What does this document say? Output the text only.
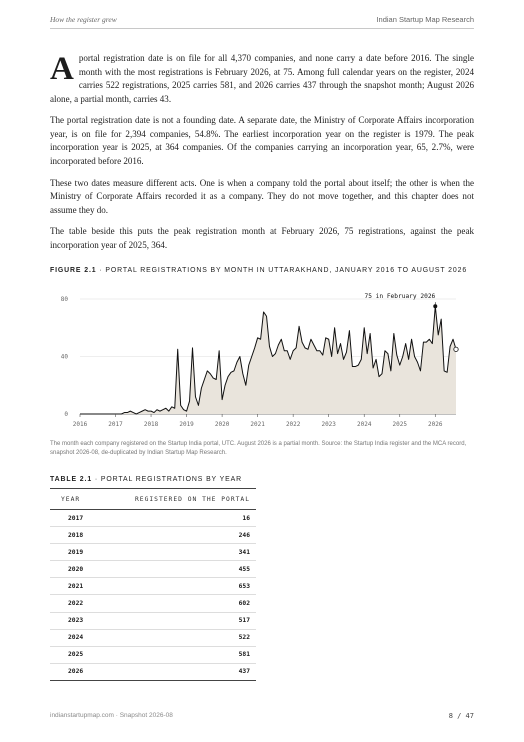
How the register grew	Indian Startup Map Research

Aportal registration date is on file for all 4,370 companies, and none carry a date before 2016. The single month with the most registrations is February 2026, at 75. Among full calendar years on the register, 2024 carries 522 registrations, 2025 carries 581, and 2026 carries 437 through the snapshot month; August 2026 alone, a partial month, carries 43.

The portal registration date is not a founding date. A separate date, the Ministry of Corporate Affairs incorporation year, is on file for 2,394 companies, 54.8%. The earliest incorporation year on the register is 1979. The peak incorporation year is 2025, at 364 companies. Of the companies carrying an incorporation year, 65, 2.7%, were incorporated before 2016.

These two dates measure different acts. One is when a company told the portal about itself; the other is when the Ministry of Corporate Affairs recorded it as a company. They do not move together, and this chapter does not assume they do.

The table beside this puts the peak registration month at February 2026, 75 registrations, against the peak incorporation year of 2025, 364.

FIGURE 2.1 · PORTAL REGISTRATIONS BY MONTH IN UTTARAKHAND, JANUARY 2016 TO AUGUST 2026
0
40
80
2016	2017	2018	2019	2020	2021	2022	2023	2024	2025	2026
75 in February 2026
The month each company registered on the Startup India portal, UTC. August 2026 is a partial month. Source: the Startup India register and the MCA record, snapshot 2026-08, de-duplicated by Indian Startup Map Research.
TABLE 2.1 · PORTAL REGISTRATIONS BY YEAR
YEAR	REGISTERED ON THE PORTAL
2017	16
2018	246
2019	341
2020	455
2021	653
2022	602
2023	517
2024	522
2025	581
2026	437
indianstartupmap.com · Snapshot 2026-08	8 / 47
